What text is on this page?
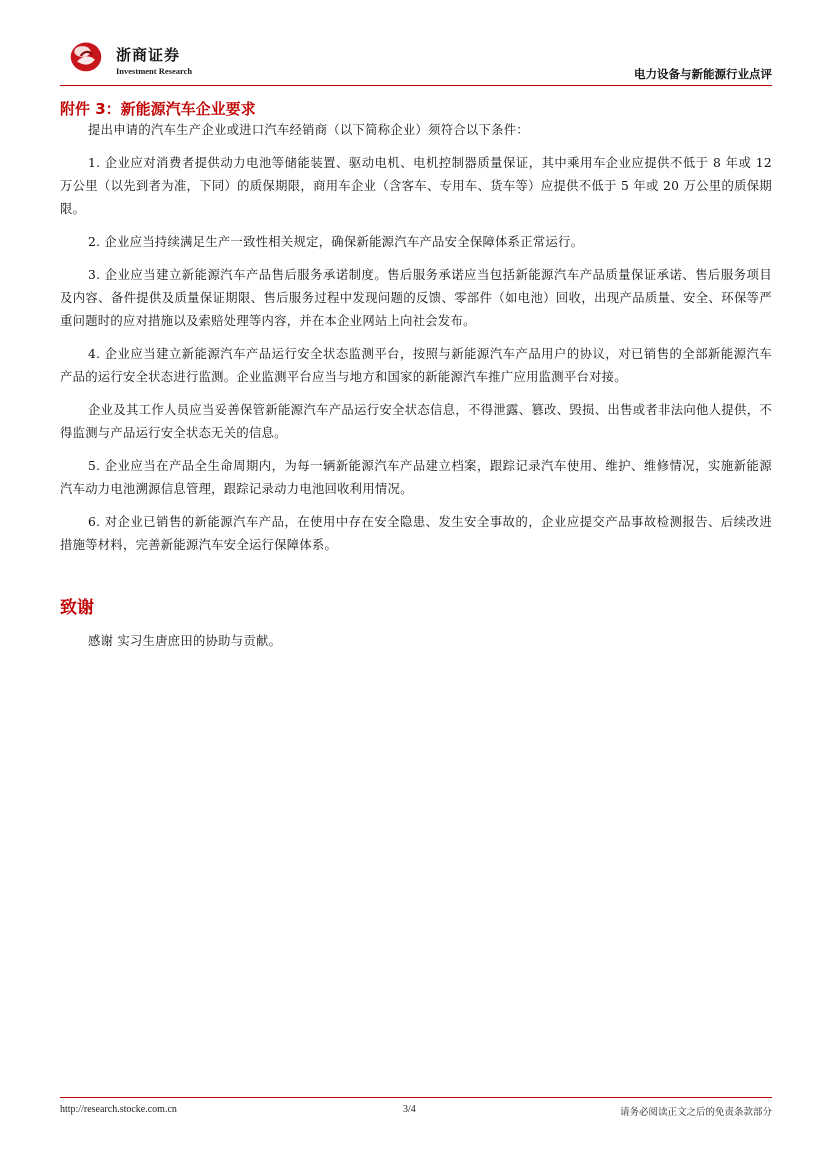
浙商证券
Investment Research	电力设备与新能源行业点评
附件 3：新能源汽车企业要求

提出申请的汽车生产企业或进口汽车经销商（以下简称企业）须符合以下条件：

1. 企业应对消费者提供动力电池等储能装置、驱动电机、电机控制器质量保证，其中乘用车企业应提供不低于 8 年或 12 万公里（以先到者为准，下同）的质保期限，商用车企业（含客车、专用车、货车等）应提供不低于 5 年或 20 万公里的质保期限。

2. 企业应当持续满足生产一致性相关规定，确保新能源汽车产品安全保障体系正常运行。

3. 企业应当建立新能源汽车产品售后服务承诺制度。售后服务承诺应当包括新能源汽车产品质量保证承诺、售后服务项目及内容、备件提供及质量保证期限、售后服务过程中发现问题的反馈、零部件（如电池）回收，出现产品质量、安全、环保等严重问题时的应对措施以及索赔处理等内容，并在本企业网站上向社会发布。

4. 企业应当建立新能源汽车产品运行安全状态监测平台，按照与新能源汽车产品用户的协议，对已销售的全部新能源汽车产品的运行安全状态进行监测。企业监测平台应当与地方和国家的新能源汽车推广应用监测平台对接。

企业及其工作人员应当妥善保管新能源汽车产品运行安全状态信息，不得泄露、篡改、毁损、出售或者非法向他人提供，不得监测与产品运行安全状态无关的信息。

5. 企业应当在产品全生命周期内，为每一辆新能源汽车产品建立档案，跟踪记录汽车使用、维护、维修情况，实施新能源汽车动力电池溯源信息管理，跟踪记录动力电池回收利用情况。

6. 对企业已销售的新能源汽车产品，在使用中存在安全隐患、发生安全事故的，企业应提交产品事故检测报告、后续改进措施等材料，完善新能源汽车安全运行保障体系。

致谢

感谢 实习生唐庶田的协助与贡献。

http://research.stocke.com.cn	3/4	请务必阅读正文之后的免责条款部分
